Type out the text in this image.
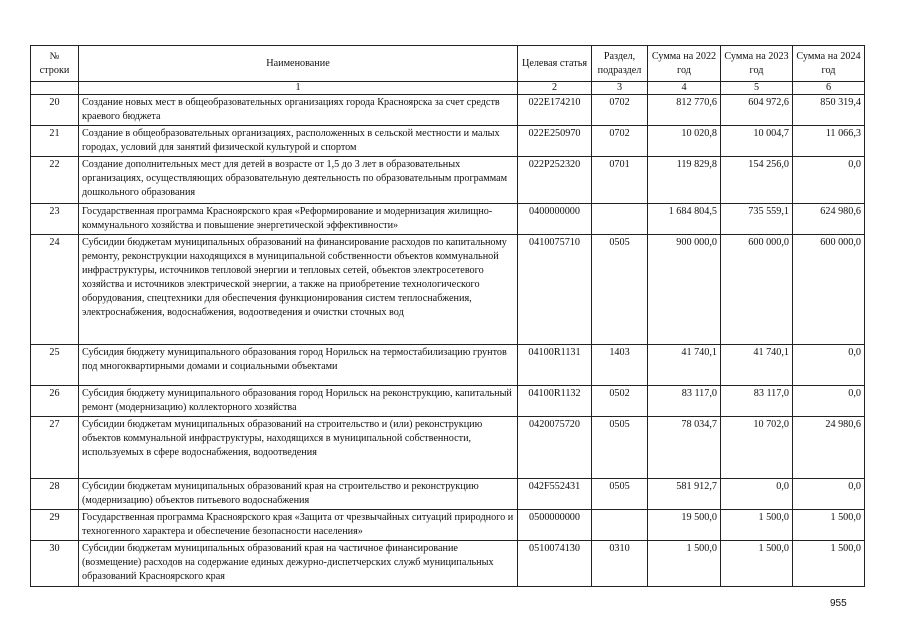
№ строки	Наименование	Целевая статья	Раздел, подраздел	Сумма на 2022 год	Сумма на 2023 год	Сумма на 2024 год
	1	2	3	4	5	6
20	Создание новых мест в общеобразовательных организациях города Красноярска за счет средств краевого бюджета	022E174210	0702	812 770,6	604 972,6	850 319,4
21	Создание в общеобразовательных организациях, расположенных в сельской местности и малых городах, условий для занятий физической культурой и спортом	022E250970	0702	10 020,8	10 004,7	11 066,3
22	Создание дополнительных мест для детей в возрасте от 1,5 до 3 лет в образовательных организациях, осуществляющих образовательную деятельность по образовательным программам дошкольного образования	022P252320	0701	119 829,8	154 256,0	0,0
23	Государственная программа Красноярского края «Реформирование и модернизация жилищно-коммунального хозяйства и повышение энергетической эффективности»	0400000000		1 684 804,5	735 559,1	624 980,6
24	Субсидии бюджетам муниципальных образований на финансирование расходов по капитальному ремонту, реконструкции находящихся в муниципальной собственности объектов коммунальной инфраструктуры, источников тепловой энергии и тепловых сетей, объектов электросетевого хозяйства и источников электрической энергии, а также на приобретение технологического оборудования, спецтехники для обеспечения функционирования систем теплоснабжения, электроснабжения, водоснабжения, водоотведения и очистки сточных вод	0410075710	0505	900 000,0	600 000,0	600 000,0
25	Субсидия бюджету муниципального образования город Норильск на термостабилизацию грунтов под многоквартирными домами и социальными объектами	04100R1131	1403	41 740,1	41 740,1	0,0
26	Субсидия бюджету муниципального образования город Норильск на реконструкцию, капитальный ремонт (модернизацию) коллекторного хозяйства	04100R1132	0502	83 117,0	83 117,0	0,0
27	Субсидии бюджетам муниципальных образований на строительство и (или) реконструкцию объектов коммунальной инфраструктуры, находящихся в муниципальной собственности, используемых в сфере водоснабжения, водоотведения	0420075720	0505	78 034,7	10 702,0	24 980,6
28	Субсидии бюджетам муниципальных образований края на строительство и реконструкцию (модернизацию) объектов питьевого водоснабжения	042F552431	0505	581 912,7	0,0	0,0
29	Государственная программа Красноярского края «Защита от чрезвычайных ситуаций природного и техногенного характера и обеспечение безопасности населения»	0500000000		19 500,0	1 500,0	1 500,0
30	Субсидии бюджетам муниципальных образований края на частичное финансирование (возмещение) расходов на содержание единых дежурно-диспетчерских служб муниципальных образований Красноярского края	0510074130	0310	1 500,0	1 500,0	1 500,0
955
